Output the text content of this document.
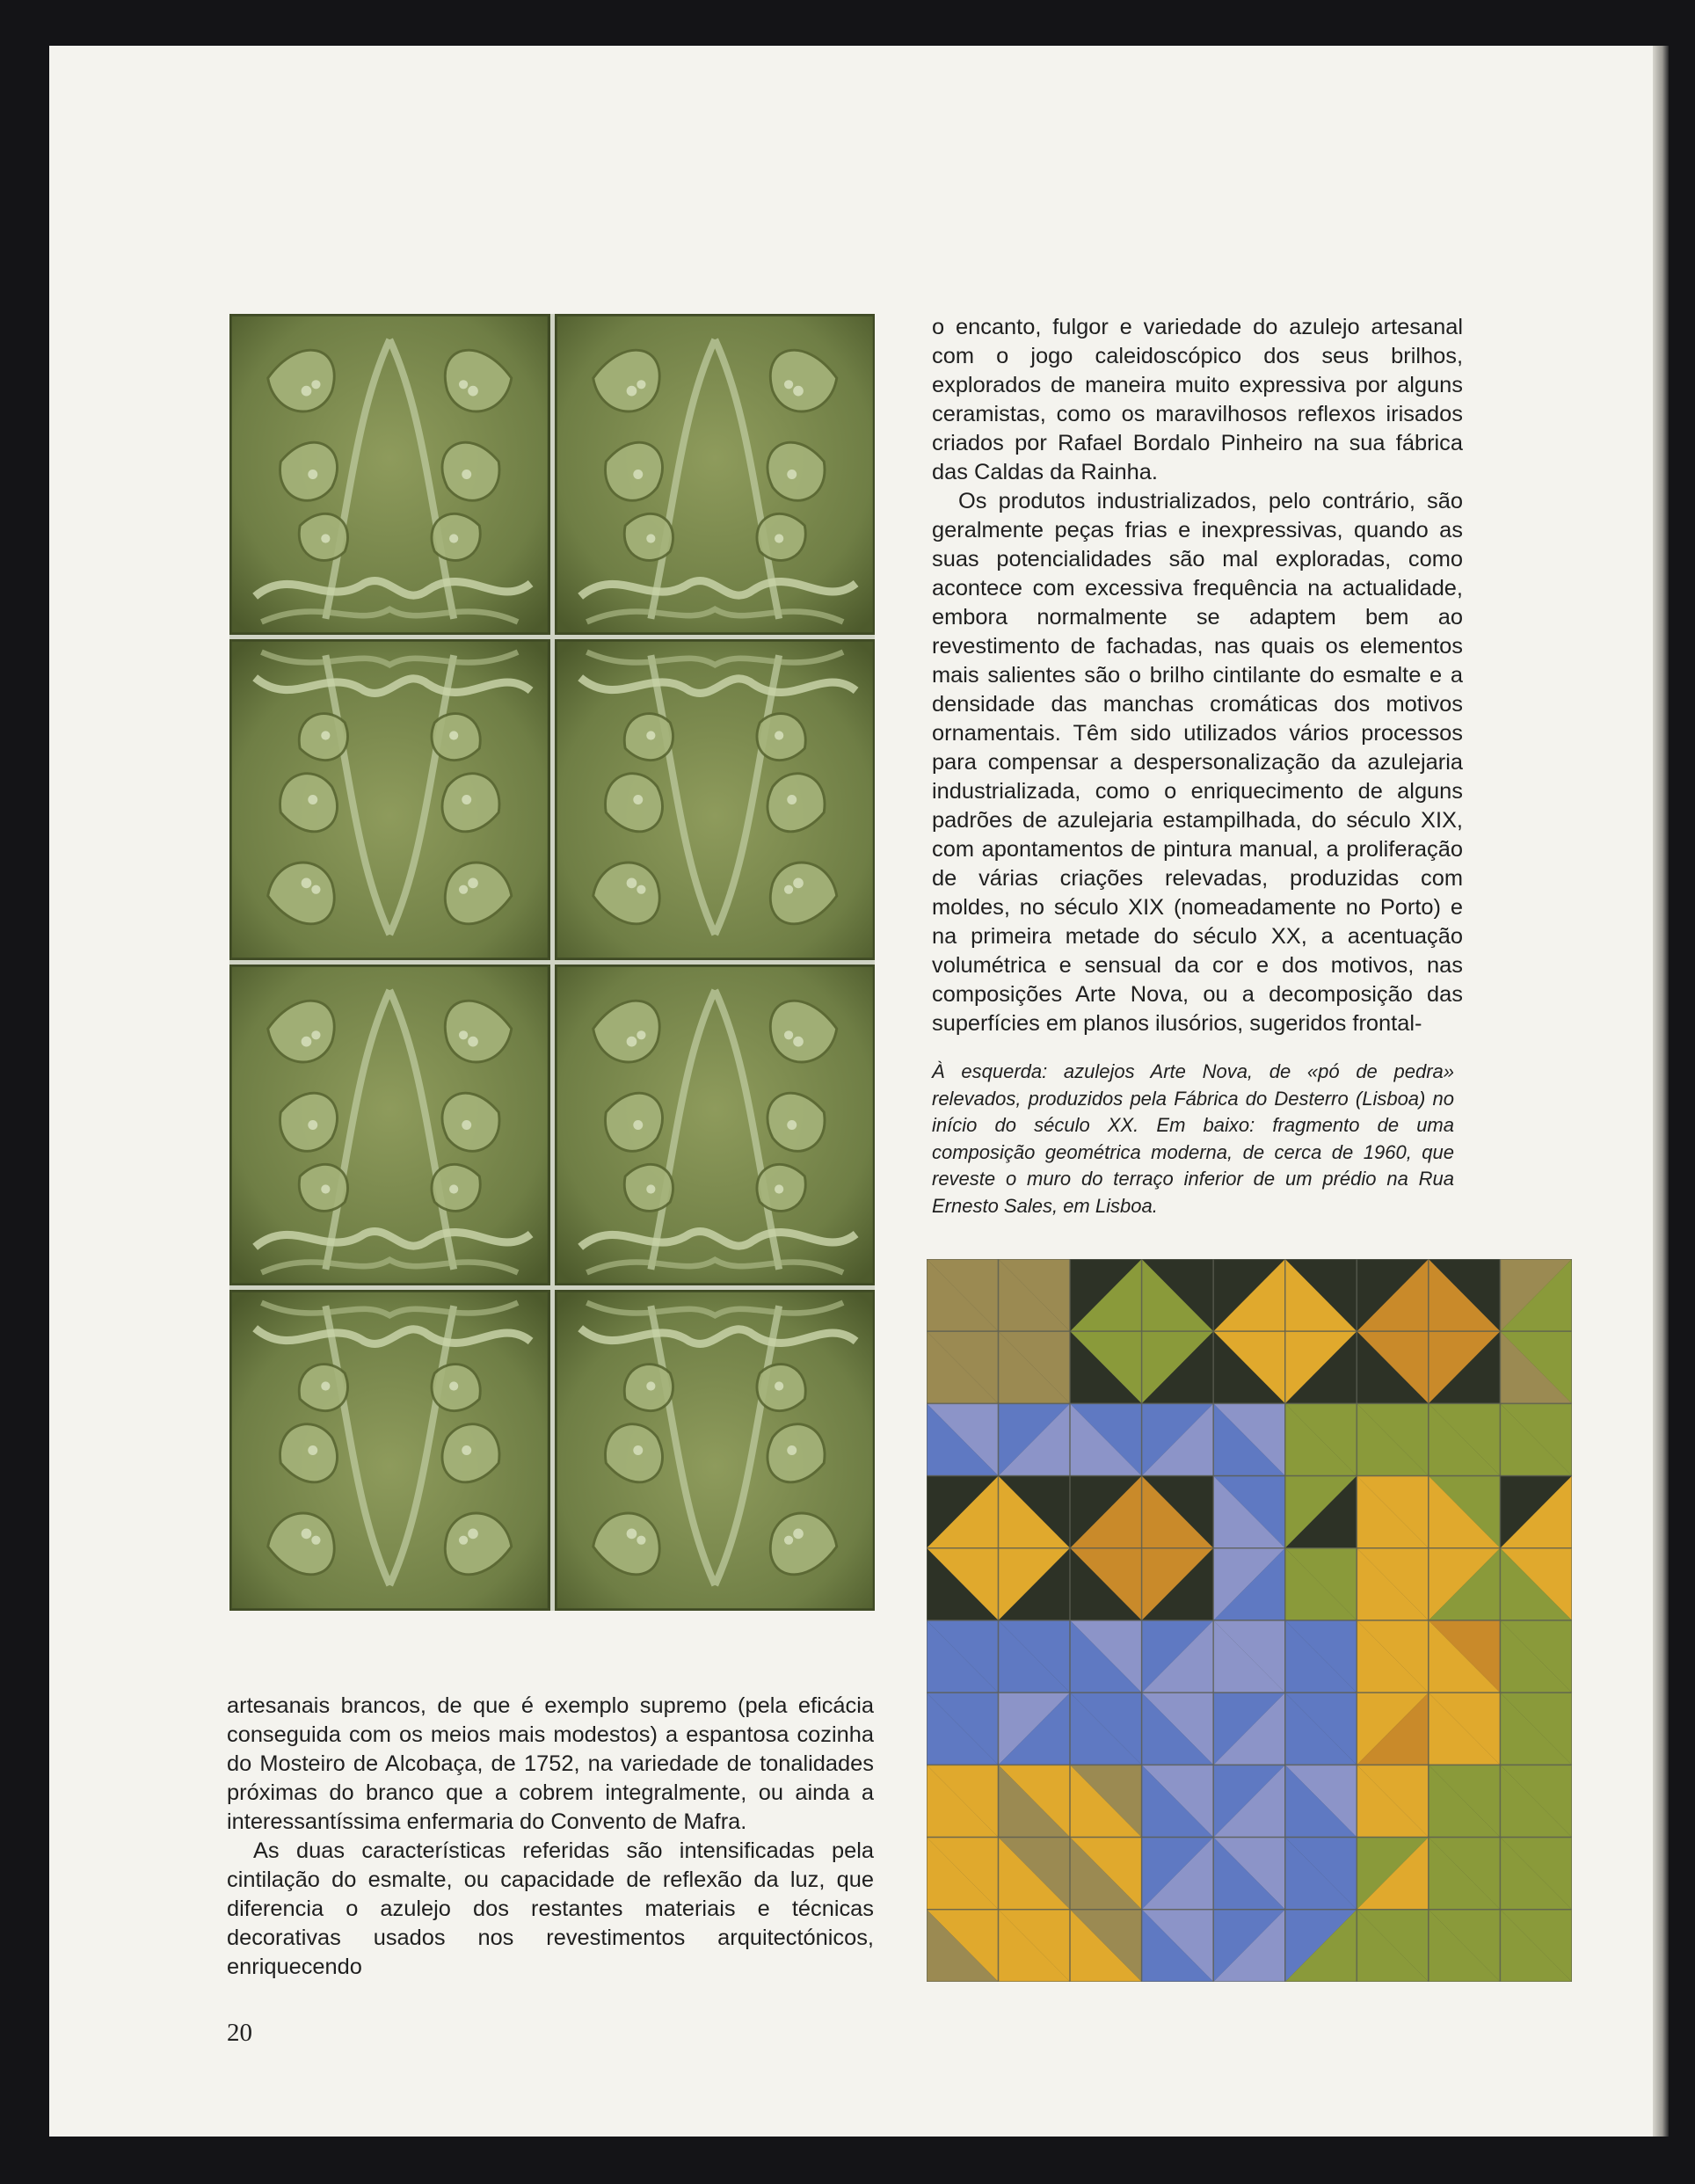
o encanto, fulgor e variedade do azulejo artesanal com o jogo caleidoscópico dos seus brilhos, explorados de maneira muito expressiva por alguns ceramistas, como os maravilhosos reflexos irisados criados por Rafael Bordalo Pinheiro na sua fábrica das Caldas da Rainha.

Os produtos industrializados, pelo contrário, são geralmente peças frias e inexpressivas, quando as suas potencialidades são mal exploradas, como acontece com excessiva frequência na actualidade, embora normalmente se adaptem bem ao revestimento de fachadas, nas quais os elementos mais salientes são o brilho cintilante do esmalte e a densidade das manchas cromáticas dos motivos ornamentais. Têm sido utilizados vários processos para compensar a despersonalização da azulejaria industrializada, como o enriquecimento de alguns padrões de azulejaria estampilhada, do século XIX, com apontamentos de pintura manual, a proliferação de várias criações relevadas, produzidas com moldes, no século XIX (nomeadamente no Porto) e na primeira metade do século XX, a acentuação volumétrica e sensual da cor e dos motivos, nas composições Arte Nova, ou a decomposição das superfícies em planos ilusórios, sugeridos frontal-

À esquerda: azulejos Arte Nova, de «pó de pedra» relevados, produzidos pela Fábrica do Desterro (Lisboa) no início do século XX. Em baixo: fragmento de uma composição geométrica moderna, de cerca de 1960, que reveste o muro do terraço inferior de um prédio na Rua Ernesto Sales, em Lisboa.

artesanais brancos, de que é exemplo supremo (pela eficácia conseguida com os meios mais modestos) a espantosa cozinha do Mosteiro de Alcobaça, de 1752, na variedade de tonalidades próximas do branco que a cobrem integralmente, ou ainda a interessantíssima enfermaria do Convento de Mafra.

As duas características referidas são intensificadas pela cintilação do esmalte, ou capacidade de reflexão da luz, que diferencia o azulejo dos restantes materiais e técnicas decorativas usados nos revestimentos arquitectónicos, enriquecendo

20
